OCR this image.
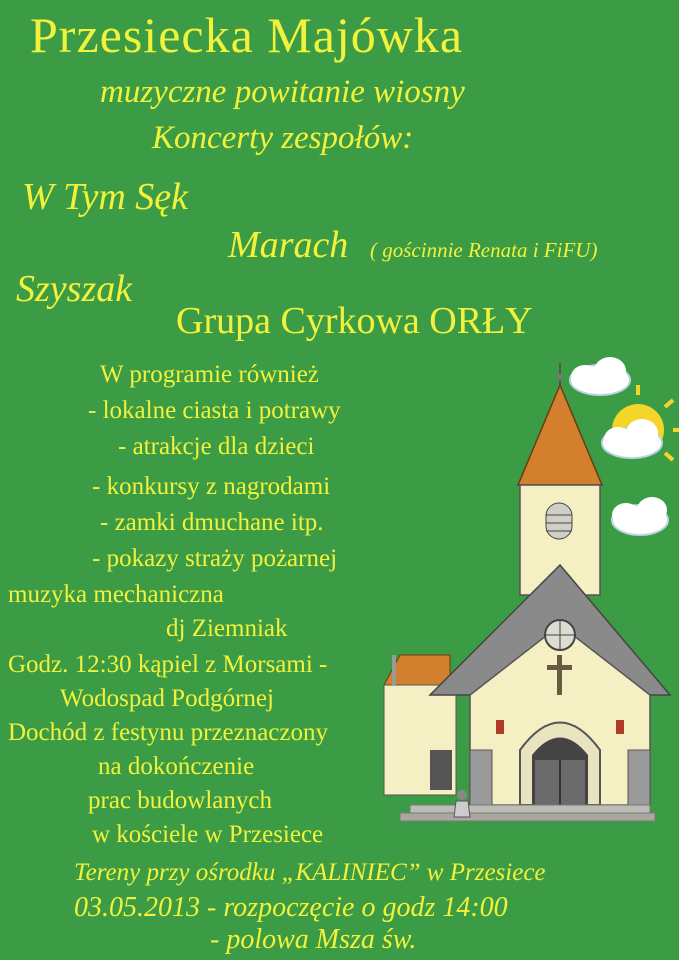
Przesiecka Majówka
muzyczne powitanie wiosny
Koncerty zespołów:
W Tym Sęk
Marach ( gościnnie Renata i FiFU)
Szyszak
Grupa Cyrkowa ORŁY
W programie również
- lokalne ciasta i potrawy
- atrakcje dla dzieci
- konkursy z nagrodami
- zamki dmuchane itp.
- pokazy straży pożarnej
muzyka mechaniczna
dj Ziemniak
Godz. 12:30 kąpiel z Morsami -
Wodospad Podgórnej
Dochód z festynu przeznaczony
na dokończenie
prac budowlanych
w kościele w Przesiece
Tereny przy ośrodku „KALINIEC” w Przesiece
03.05.2013 - rozpoczęcie o godz 14:00
- polowa Msza św.
